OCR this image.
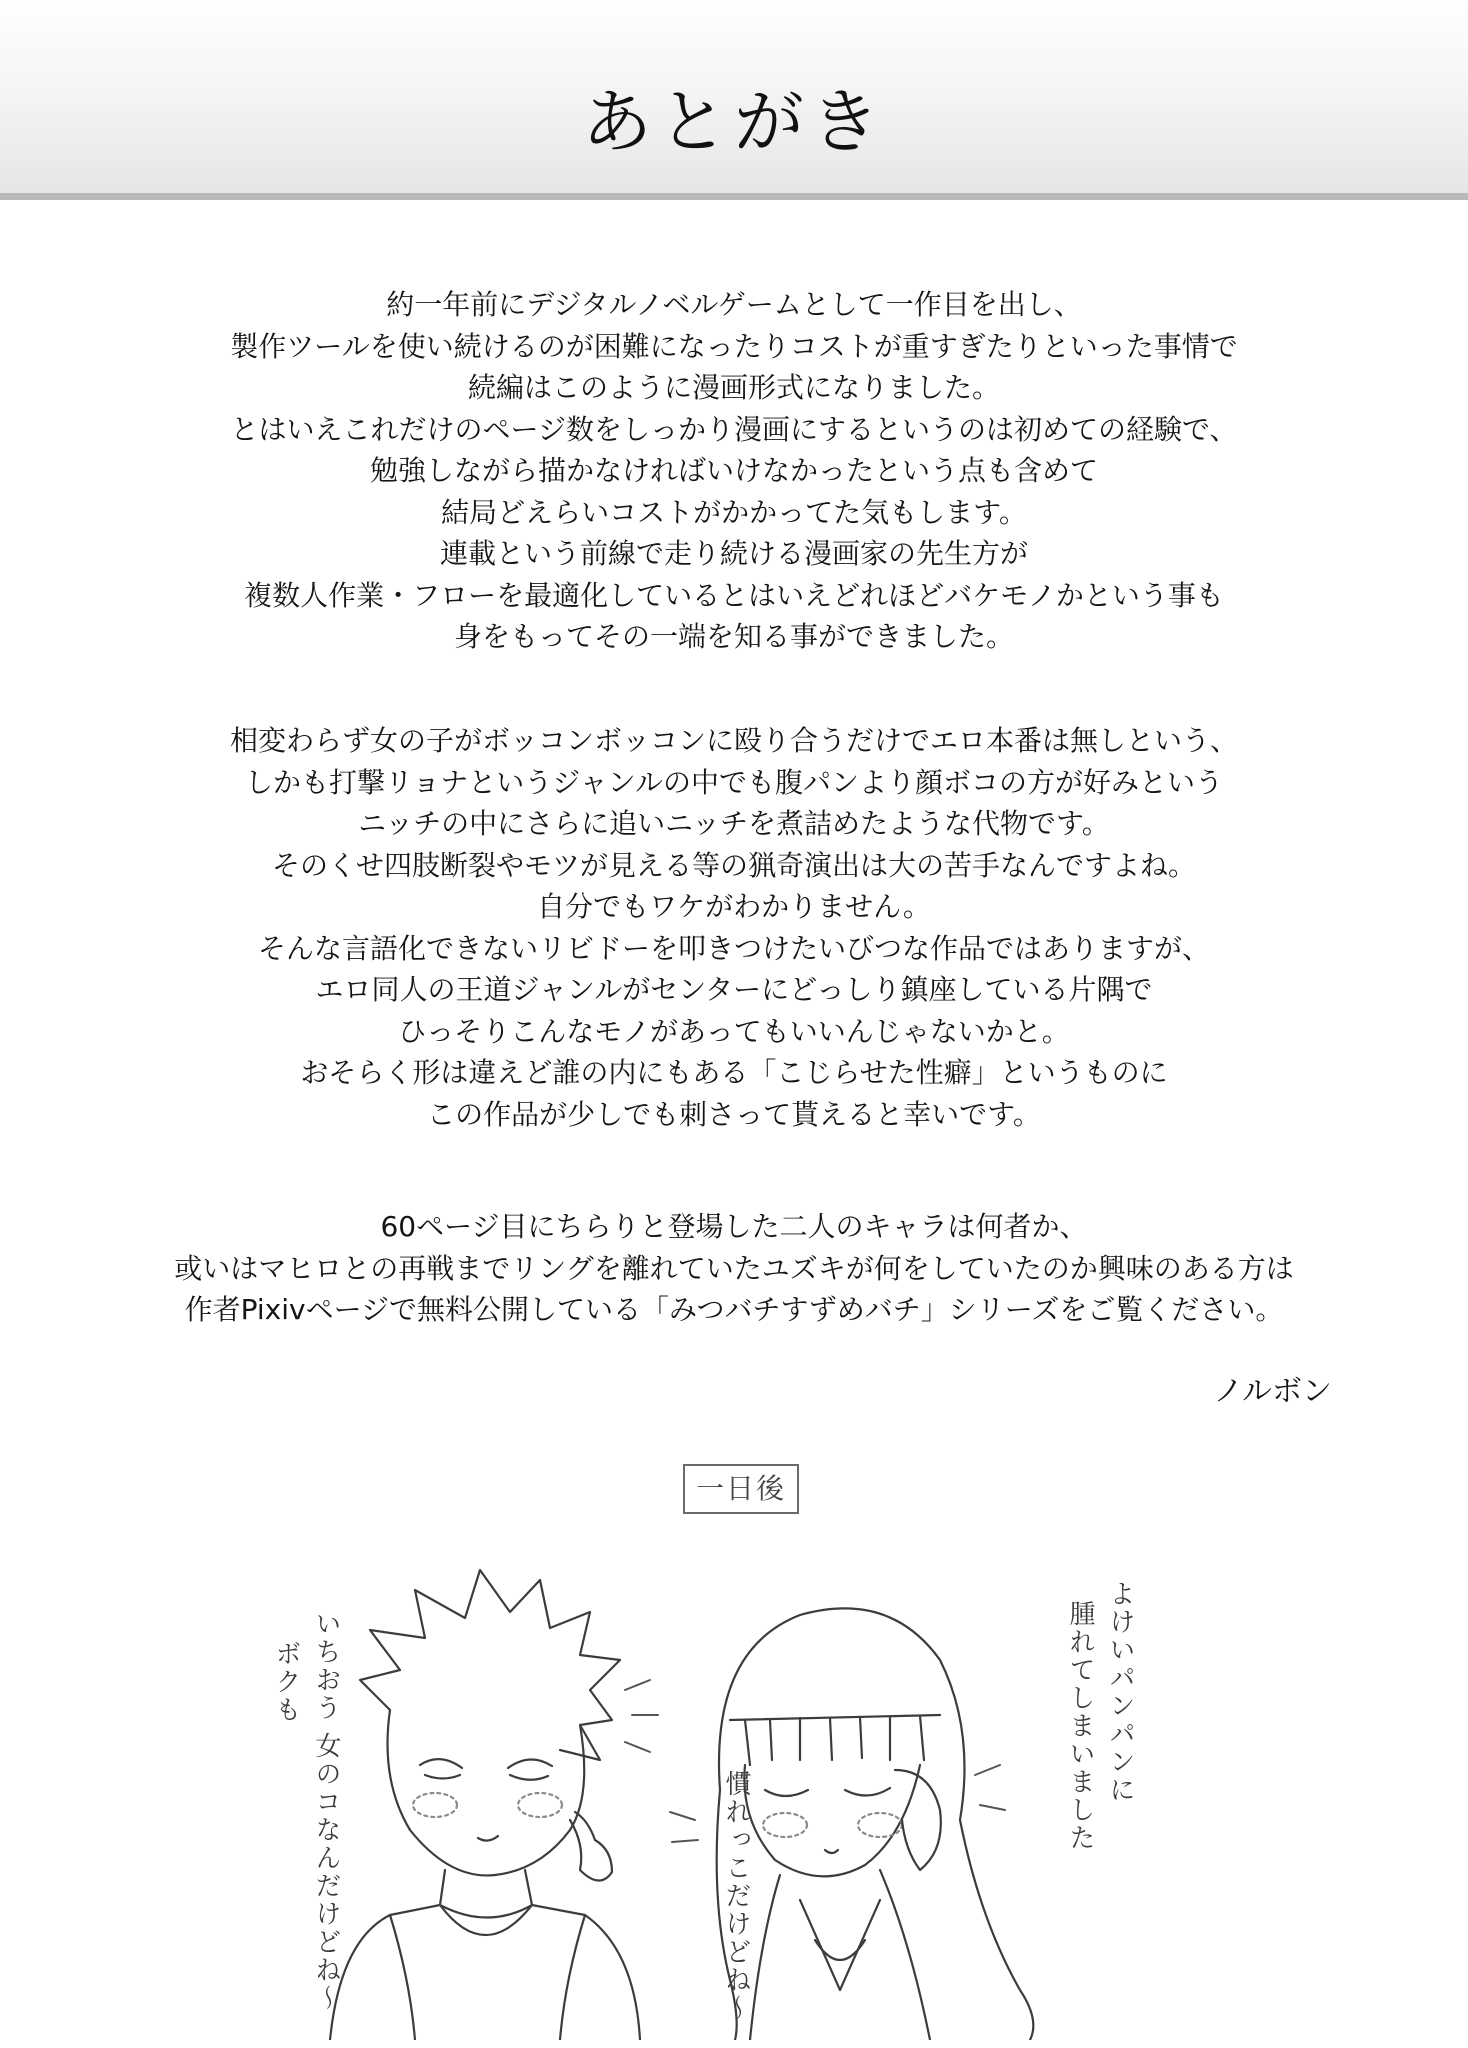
あとがき
約一年前にデジタルノベルゲームとして一作目を出し、
製作ツールを使い続けるのが困難になったりコストが重すぎたりといった事情で
続編はこのように漫画形式になりました。
とはいえこれだけのページ数をしっかり漫画にするというのは初めての経験で、
勉強しながら描かなければいけなかったという点も含めて
結局どえらいコストがかかってた気もします。
連載という前線で走り続ける漫画家の先生方が
複数人作業・フローを最適化しているとはいえどれほどバケモノかという事も
身をもってその一端を知る事ができました。
相変わらず女の子がボッコンボッコンに殴り合うだけでエロ本番は無しという、
しかも打撃リョナというジャンルの中でも腹パンより顔ボコの方が好みという
ニッチの中にさらに追いニッチを煮詰めたような代物です。
そのくせ四肢断裂やモツが見える等の猟奇演出は大の苦手なんですよね。
自分でもワケがわかりません。
そんな言語化できないリビドーを叩きつけたいびつな作品ではありますが、
エロ同人の王道ジャンルがセンターにどっしり鎮座している片隅で
ひっそりこんなモノがあってもいいんじゃないかと。
おそらく形は違えど誰の内にもある「こじらせた性癖」というものに
この作品が少しでも刺さって貰えると幸いです。
60ページ目にちらりと登場した二人のキャラは何者か、
或いはマヒロとの再戦までリングを離れていたユズキが何をしていたのか興味のある方は
作者Pixivページで無料公開している「みつバチすずめバチ」シリーズをご覧ください。
ノルボン
一日後
ボクも いちおう 女のコなんだけどね〜	慣れっこだけどね〜
腫れてしまいました よけいパンパンに
